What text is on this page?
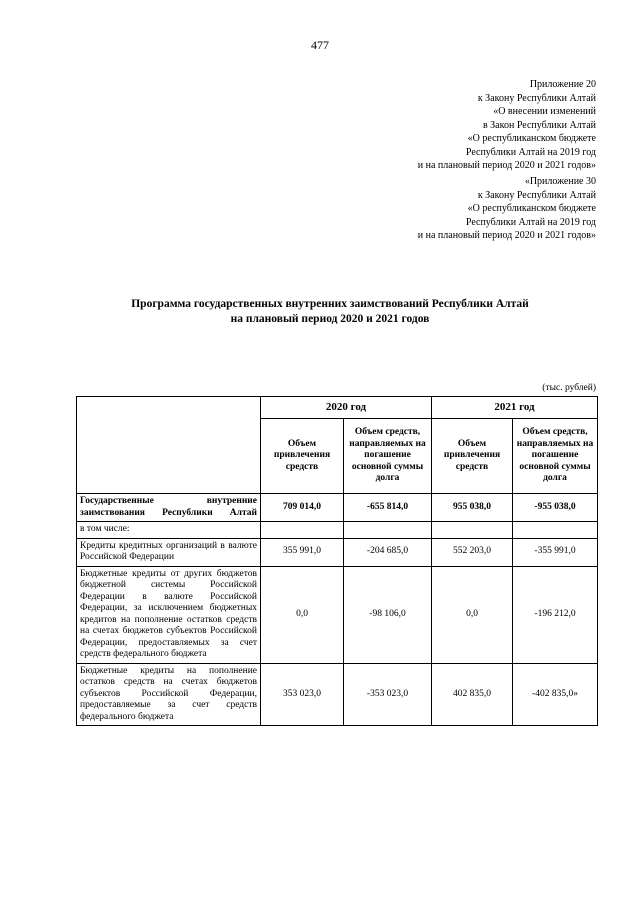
477
Приложение 20
к Закону Республики Алтай
«О внесении изменений
в Закон Республики Алтай
«О республиканском бюджете
Республики Алтай на 2019 год
и на плановый период 2020 и 2021 годов»
«Приложение 30
к Закону Республики Алтай
«О республиканском бюджете
Республики Алтай на 2019 год
и на плановый период 2020 и 2021 годов»
Программа государственных внутренних заимствований Республики Алтай
на плановый период 2020 и 2021 годов
(тыс. рублей)
	2020 год		2021 год	
	Объем привлечения средств	Объем средств, направляемых на погашение основной суммы долга	Объем привлечения средств	Объем средств, направляемых на погашение основной суммы долга
Государственные внутренние заимствования Республики Алтай	709 014,0	-655 814,0	955 038,0	-955 038,0
в том числе:				
Кредиты кредитных организаций в валюте Российской Федерации	355 991,0	-204 685,0	552 203,0	-355 991,0
Бюджетные кредиты от других бюджетов бюджетной системы Российской Федерации в валюте Российской Федерации, за исключением бюджетных кредитов на пополнение остатков средств на счетах бюджетов субъектов Российской Федерации, предоставляемых за счет средств федерального бюджета	0,0	-98 106,0	0,0	-196 212,0
Бюджетные кредиты на пополнение остатков средств на счетах бюджетов субъектов Российской Федерации, предоставляемые за счет средств федерального бюджета	353 023,0	-353 023,0	402 835,0	-402 835,0»
